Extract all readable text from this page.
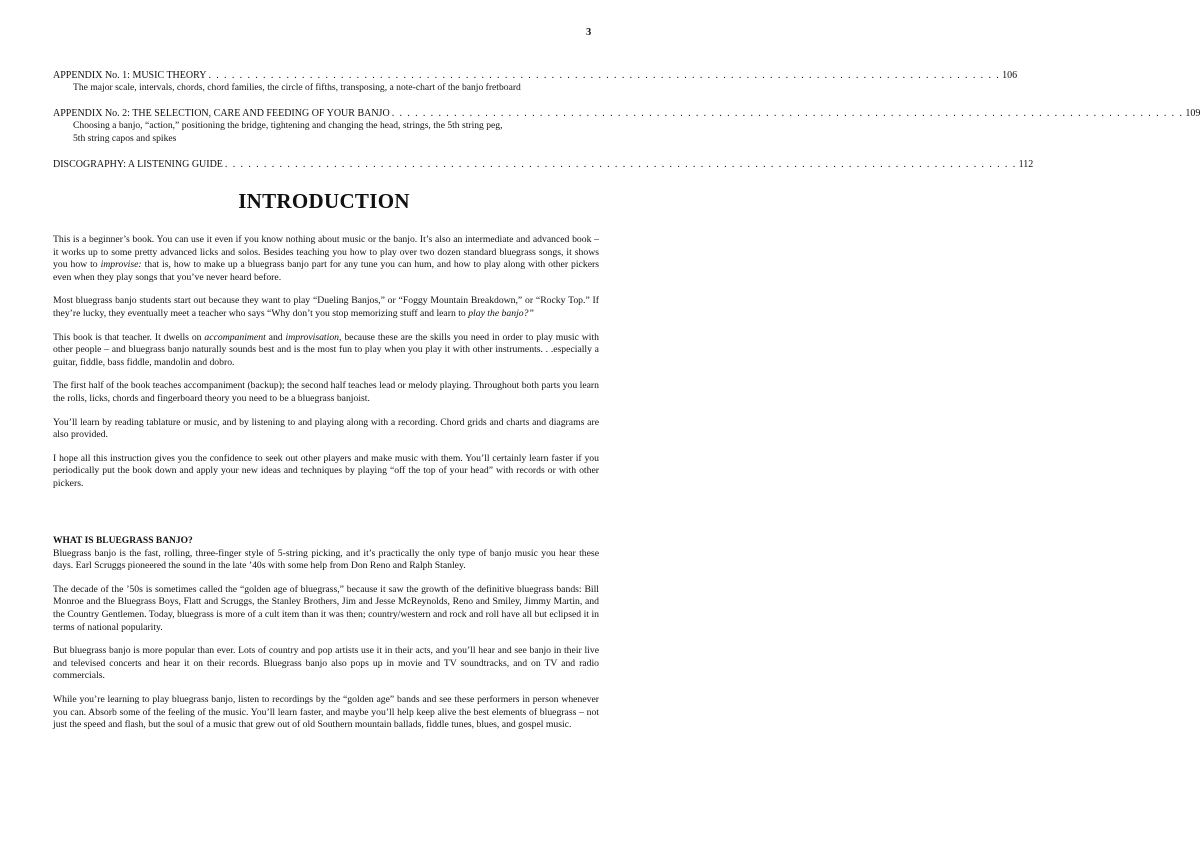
3
APPENDIX No. 1: MUSIC THEORY . . . . . . . . . . . . . . . . . . . . . . . . . . . . . . . . . . . . . . . . . . . . . . . . . . . . . . . . . . . . . . . . . . . . . . . . . . . . . . . . . . . . . . . . . . . . . . . . . . . . . . 106
The major scale, intervals, chords, chord families, the circle of fifths, transposing, a note-chart of the banjo fretboard
APPENDIX No. 2: THE SELECTION, CARE AND FEEDING OF YOUR BANJO . . . . . . . . . . . . . . . . . . . . . . . . . . . . . . . . . . . . . . . . . . . . . . . . . . . . . . . . . . . . . . . . . . . . . . . . . . . . . . . . . . . . . . . . . . . . . . . . . . . . . . 109
Choosing a banjo, “action,” positioning the bridge, tightening and changing the head, strings, the 5th string peg,
5th string capos and spikes
DISCOGRAPHY: A LISTENING GUIDE . . . . . . . . . . . . . . . . . . . . . . . . . . . . . . . . . . . . . . . . . . . . . . . . . . . . . . . . . . . . . . . . . . . . . . . . . . . . . . . . . . . . . . . . . . . . . . . . . . . . . . 112
INTRODUCTION

This is a beginner’s book. You can use it even if you know nothing about music or the banjo. It’s also an intermediate and advanced book – it works up to some pretty advanced licks and solos. Besides teaching you how to play over two dozen standard bluegrass songs, it shows you how to improvise: that is, how to make up a bluegrass banjo part for any tune you can hum, and how to play along with other pickers even when they play songs that you’ve never heard before.

Most bluegrass banjo students start out because they want to play “Dueling Banjos,” or “Foggy Mountain Breakdown,” or “Rocky Top.” If they’re lucky, they eventually meet a teacher who says “Why don’t you stop memorizing stuff and learn to play the banjo?”

This book is that teacher. It dwells on accompaniment and improvisation, because these are the skills you need in order to play music with other people – and bluegrass banjo naturally sounds best and is the most fun to play when you play it with other instruments. . .especially a guitar, fiddle, bass fiddle, mandolin and dobro.

The first half of the book teaches accompaniment (backup); the second half teaches lead or melody playing. Throughout both parts you learn the rolls, licks, chords and fingerboard theory you need to be a bluegrass banjoist.

You’ll learn by reading tablature or music, and by listening to and playing along with a recording. Chord grids and charts and diagrams are also provided.

I hope all this instruction gives you the confidence to seek out other players and make music with them. You’ll certainly learn faster if you periodically put the book down and apply your new ideas and techniques by playing “off the top of your head” with records or with other pickers.

WHAT IS BLUEGRASS BANJO?

Bluegrass banjo is the fast, rolling, three-finger style of 5-string picking, and it’s practically the only type of banjo music you hear these days. Earl Scruggs pioneered the sound in the late ’40s with some help from Don Reno and Ralph Stanley.

The decade of the ’50s is sometimes called the “golden age of bluegrass,” because it saw the growth of the definitive bluegrass bands: Bill Monroe and the Bluegrass Boys, Flatt and Scruggs, the Stanley Brothers, Jim and Jesse McReynolds, Reno and Smiley, Jimmy Martin, and the Country Gentlemen. Today, bluegrass is more of a cult item than it was then; country/western and rock and roll have all but eclipsed it in terms of national popularity.

But bluegrass banjo is more popular than ever. Lots of country and pop artists use it in their acts, and you’ll hear and see banjo in their live and televised concerts and hear it on their records. Bluegrass banjo also pops up in movie and TV soundtracks, and on TV and radio commercials.

While you’re learning to play bluegrass banjo, listen to recordings by the “golden age” bands and see these performers in person whenever you can. Absorb some of the feeling of the music. You’ll learn faster, and maybe you’ll help keep alive the best elements of bluegrass – not just the speed and flash, but the soul of a music that grew out of old Southern mountain ballads, fiddle tunes, blues, and gospel music.
